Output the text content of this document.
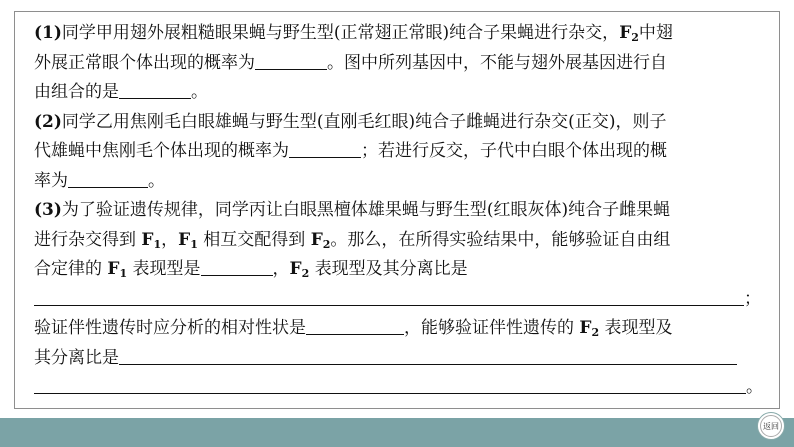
(1)同学甲用翅外展粗糙眼果蝇与野生型(正常翅正常眼)纯合子果蝇进行杂交，$F_2$中翅
外展正常眼个体出现的概率为	。图中所列基因中，不能与翅外展基因进行自
由组合的是	。
(2)同学乙用焦刚毛白眼雄蝇与野生型(直刚毛红眼)纯合子雌蝇进行杂交(正交)，则子
代雄蝇中焦刚毛个体出现的概率为	；若进行反交，子代中白眼个体出现的概
率为	。
(3)为了验证遗传规律，同学丙让白眼黑檀体雄果蝇与野生型(红眼灰体)纯合子雌果蝇
进行杂交得到 $F_1$，$F_1$ 相互交配得到 $F_2$。那么，在所得实验结果中，能够验证自由组
合定律的 $F_1$ 表现型是	，$F_2$ 表现型及其分离比是
；
验证伴性遗传时应分析的相对性状是	，能够验证伴性遗传的 $F_2$ 表现型及
其分离比是
。
返回
